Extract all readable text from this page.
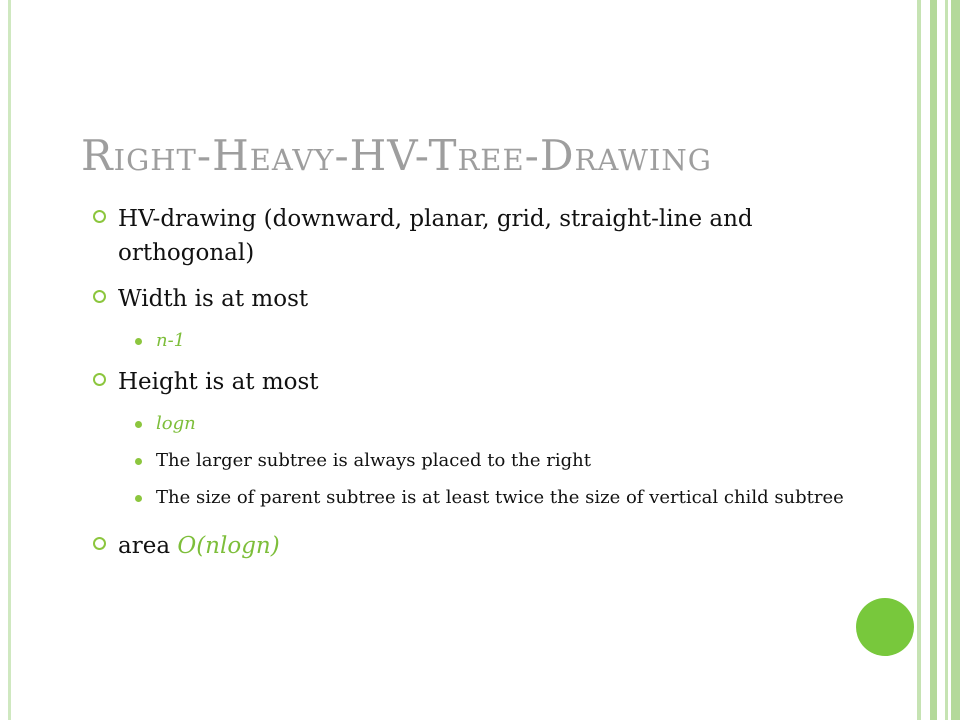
Right-Heavy-HV-Tree-Drawing
HV-drawing (downward, planar, grid, straight-line and orthogonal)
Width is at most
n-1
Height is at most
logn
The larger subtree is always placed to the right
The size of parent subtree is at least twice the size of vertical child subtree
area O(nlogn)
